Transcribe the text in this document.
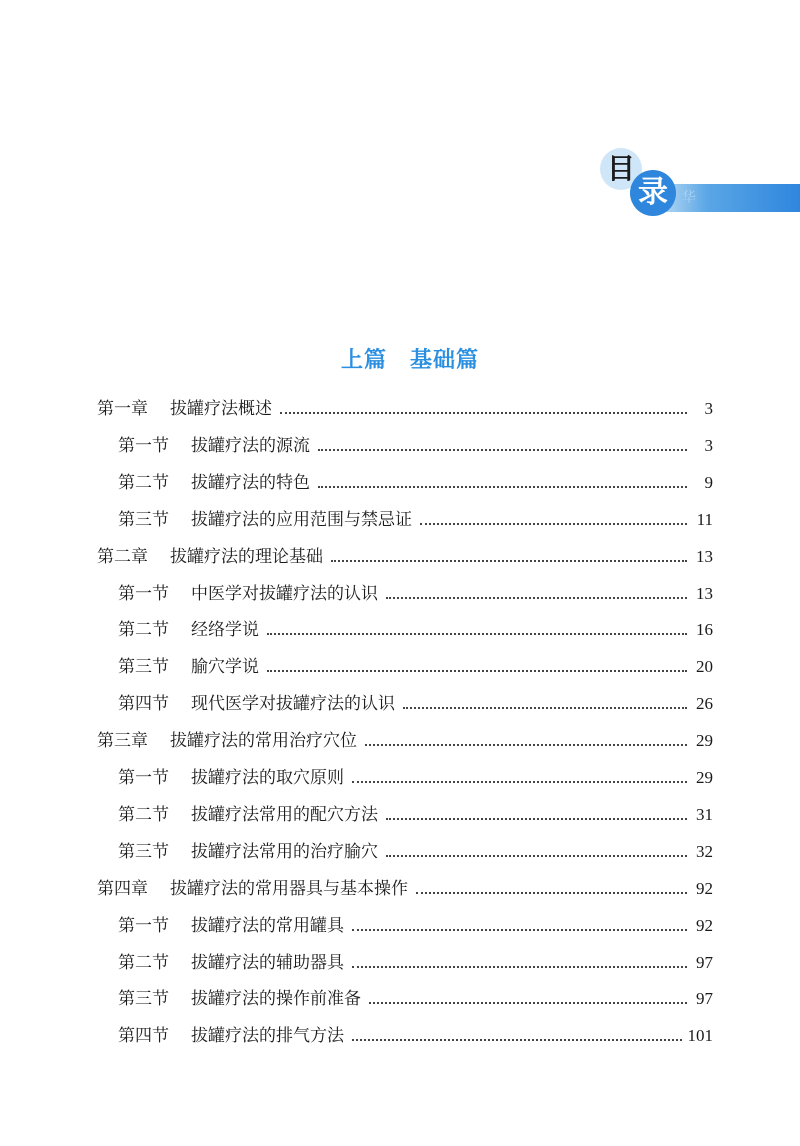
华
目
录
上篇　基础篇
第一章 拔罐疗法概述	3
第一节 拔罐疗法的源流	3
第二节 拔罐疗法的特色	9
第三节 拔罐疗法的应用范围与禁忌证	11
第二章 拔罐疗法的理论基础	13
第一节 中医学对拔罐疗法的认识	13
第二节 经络学说	16
第三节 腧穴学说	20
第四节 现代医学对拔罐疗法的认识	26
第三章 拔罐疗法的常用治疗穴位	29
第一节 拔罐疗法的取穴原则	29
第二节 拔罐疗法常用的配穴方法	31
第三节 拔罐疗法常用的治疗腧穴	32
第四章 拔罐疗法的常用器具与基本操作	92
第一节 拔罐疗法的常用罐具	92
第二节 拔罐疗法的辅助器具	97
第三节 拔罐疗法的操作前准备	97
第四节 拔罐疗法的排气方法	101
